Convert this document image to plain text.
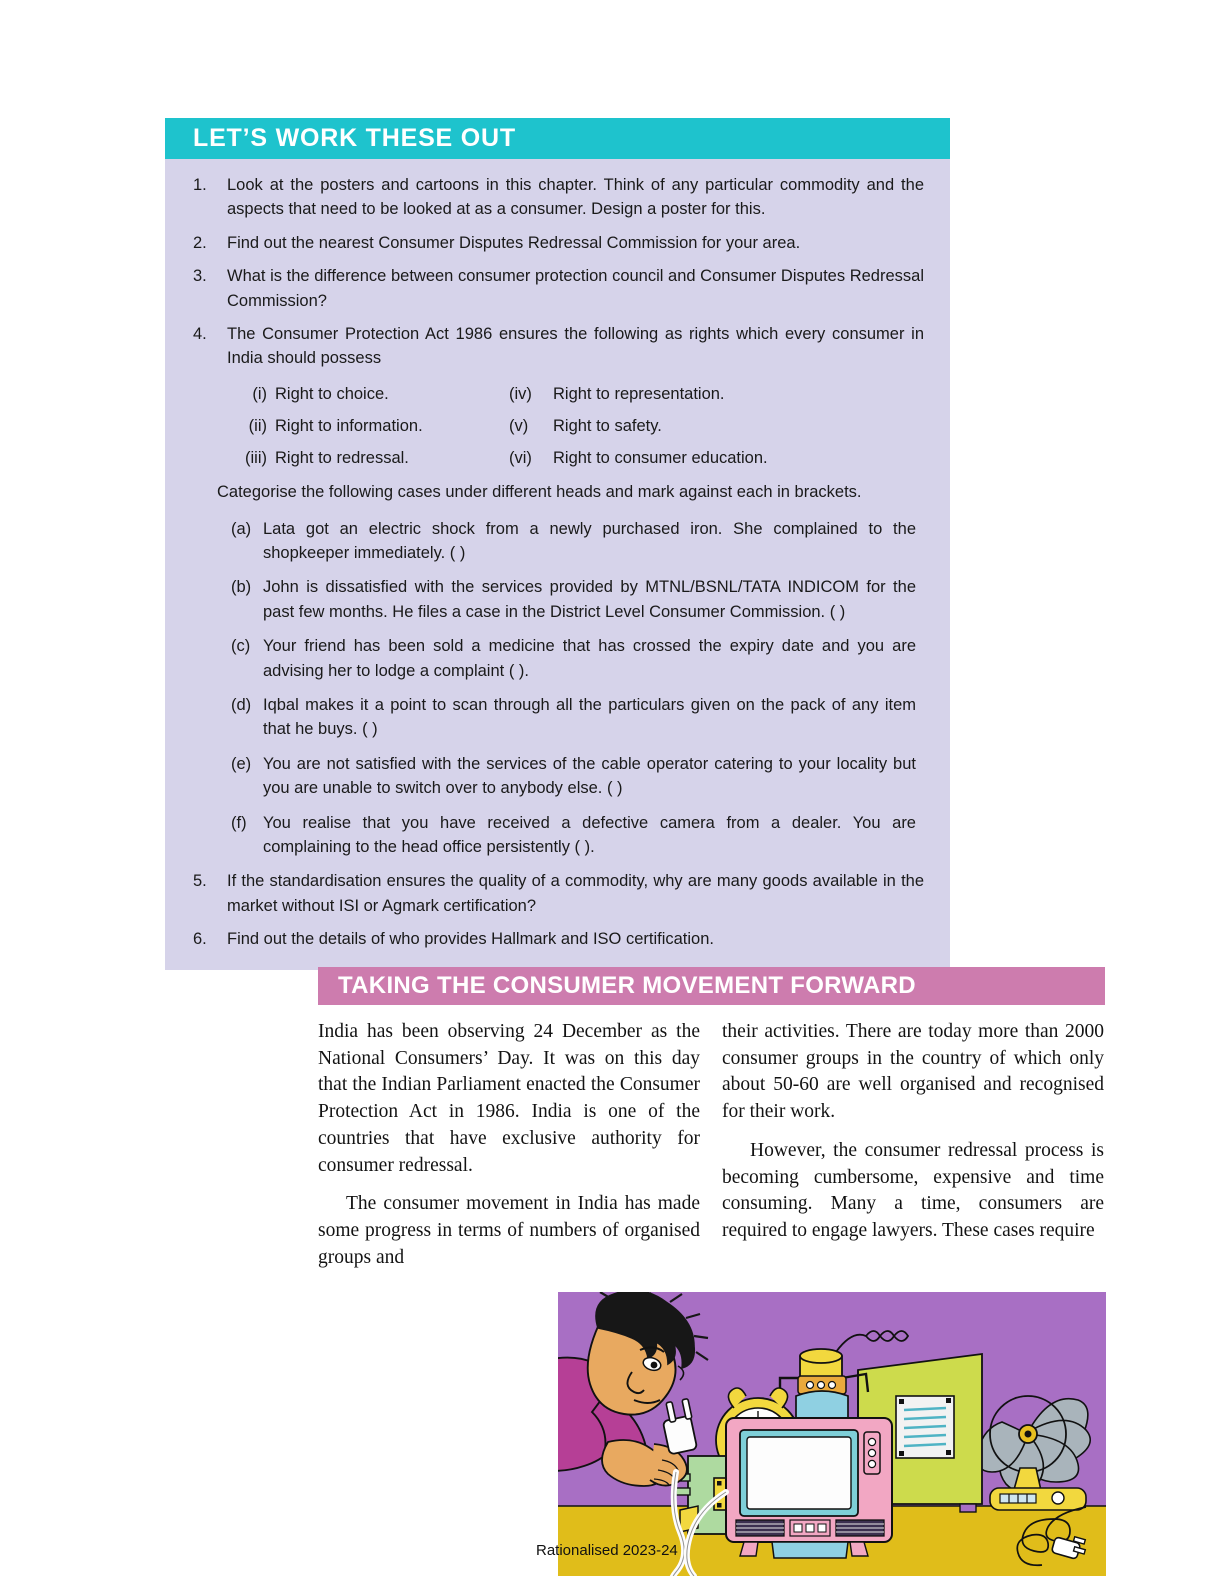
LET’S WORK THESE OUT
1.	Look at the posters and cartoons in this chapter. Think of any particular commodity and the aspects that need to be looked at as a consumer. Design a poster for this.
2.	Find out the nearest Consumer Disputes Redressal Commission for your area.
3.	What is the difference between consumer protection council and Consumer Disputes Redressal Commission?
4.	The Consumer Protection Act 1986 ensures the following as rights which every consumer in India should possess
(i) Right to choice.	(iv)	Right to representation.
(ii) Right to information.	(v)	Right to safety.
(iii) Right to redressal.	(vi)	Right to consumer education.
Categorise the following cases under different heads and mark against each in brackets.
(a) Lata got an electric shock from a newly purchased iron. She complained to the shopkeeper immediately. ( )
(b) John is dissatisfied with the services provided by MTNL/BSNL/TATA INDICOM for the past few months. He files a case in the District Level Consumer Commission. ( )
(c) Your friend has been sold a medicine that has crossed the expiry date and you are advising her to lodge a complaint ( ).
(d) Iqbal makes it a point to scan through all the particulars given on the pack of any item that he buys. ( )
(e) You are not satisfied with the services of the cable operator catering to your locality but you are unable to switch over to anybody else. ( )
(f) You realise that you have received a defective camera from a dealer. You are complaining to the head office persistently ( ).
5.	If the standardisation ensures the quality of a commodity, why are many goods available in the market without ISI or Agmark certification?
6.	Find out the details of who provides Hallmark and ISO certification.
TAKING THE CONSUMER MOVEMENT FORWARD

India has been observing 24 December as the National Consumers’ Day. It was on this day that the Indian Parliament enacted the Consumer Protection Act in 1986. India is one of the countries that have exclusive authority for consumer redressal.

The consumer movement in India has made some progress in terms of numbers of organised groups and

their activities. There are today more than 2000 consumer groups in the country of which only about 50-60 are well organised and recognised for their work.

However, the consumer redressal process is becoming cumbersome, expensive and time consuming. Many a time, consumers are required to engage lawyers. These cases require

Rationalised 2023-24
